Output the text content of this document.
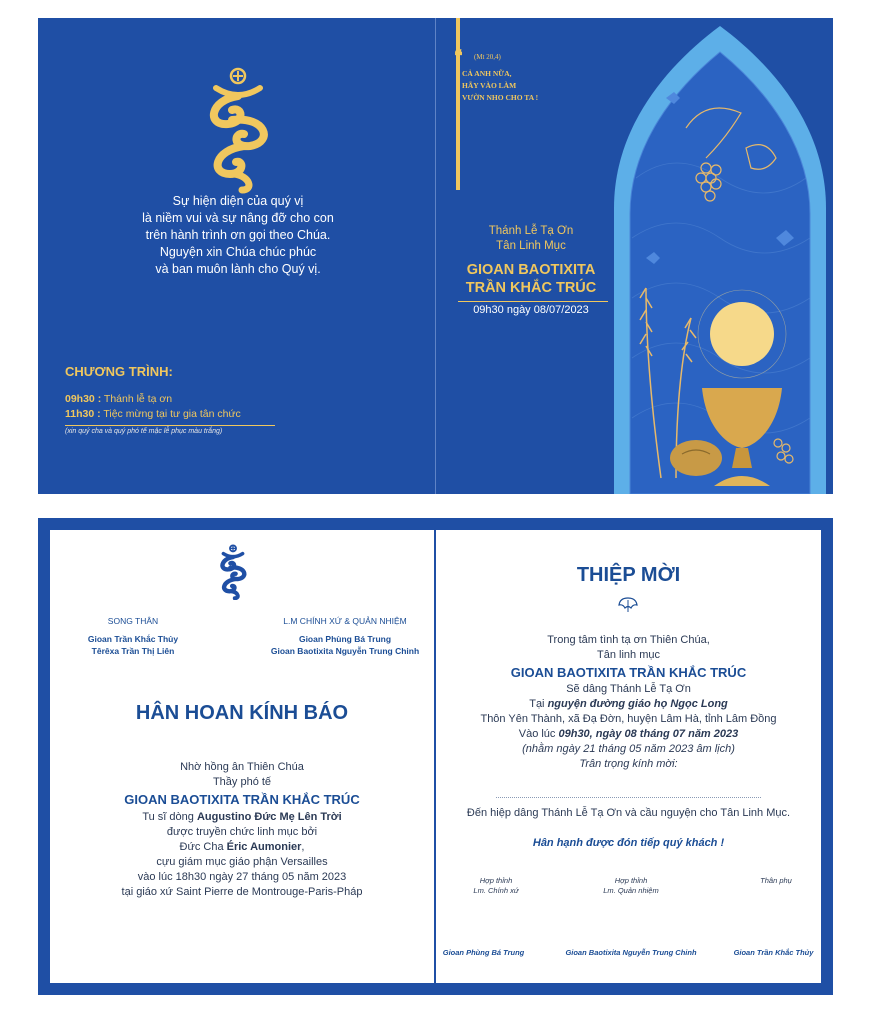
Sự hiện diện của quý vị
là niềm vui và sự nâng đỡ cho con
trên hành trình ơn gọi theo Chúa.
Nguyện xin Chúa chúc phúc
và ban muôn lành cho Quý vị.
CHƯƠNG TRÌNH:
09h30 : Thánh lễ tạ ơn
11h30 : Tiệc mừng tại tư gia tân chức
(xin quý cha và quý phó tế mặc lễ phục màu trắng)
❝ (Mt 20,4)
CẢ ANH NỮA,
HÃY VÀO LÀM
VƯỜN NHO CHO TA !
Thánh Lễ Tạ Ơn
Tân Linh Mục
GIOAN BAOTIXITA
TRẦN KHẮC TRÚC
09h30 ngày 08/07/2023
SONG THÂN
Gioan Trần Khắc Thủy
Têrêxa Trần Thị Liên
L.M CHÍNH XỨ & QUẢN NHIỆM
Gioan Phùng Bá Trung
Gioan Baotixita Nguyễn Trung Chinh
HÂN HOAN KÍNH BÁO
Nhờ hồng ân Thiên Chúa
Thầy phó tế
GIOAN BAOTIXITA TRẦN KHẮC TRÚC
Tu sĩ dòng Augustino Đức Mẹ Lên Trời
được truyền chức linh mục bởi
Đức Cha Éric Aumonier,
cựu giám mục giáo phận Versailles
vào lúc 18h30 ngày 27 tháng 05 năm 2023
tại giáo xứ Saint Pierre de Montrouge-Paris-Pháp
THIỆP MỜI
Trong tâm tình tạ ơn Thiên Chúa,
Tân linh mục
GIOAN BAOTIXITA TRẦN KHẮC TRÚC
Sẽ dâng Thánh Lễ Tạ Ơn
Tại nguyện đường giáo họ Ngọc Long
Thôn Yên Thành, xã Đạ Đờn, huyện Lâm Hà, tỉnh Lâm Đồng
Vào lúc 09h30, ngày 08 tháng 07 năm 2023
(nhằm ngày 21 tháng 05 năm 2023 âm lịch)
Trân trọng kính mời:
Đến hiệp dâng Thánh Lễ Tạ Ơn và cầu nguyện cho Tân Linh Mục.
Hân hạnh được đón tiếp quý khách !
Hợp thỉnh
Lm. Chính xứ
Hợp thỉnh
Lm. Quản nhiệm
Thân phụ
Gioan Phùng Bá Trung	Gioan Baotixita Nguyễn Trung Chinh	Gioan Trần Khắc Thủy
